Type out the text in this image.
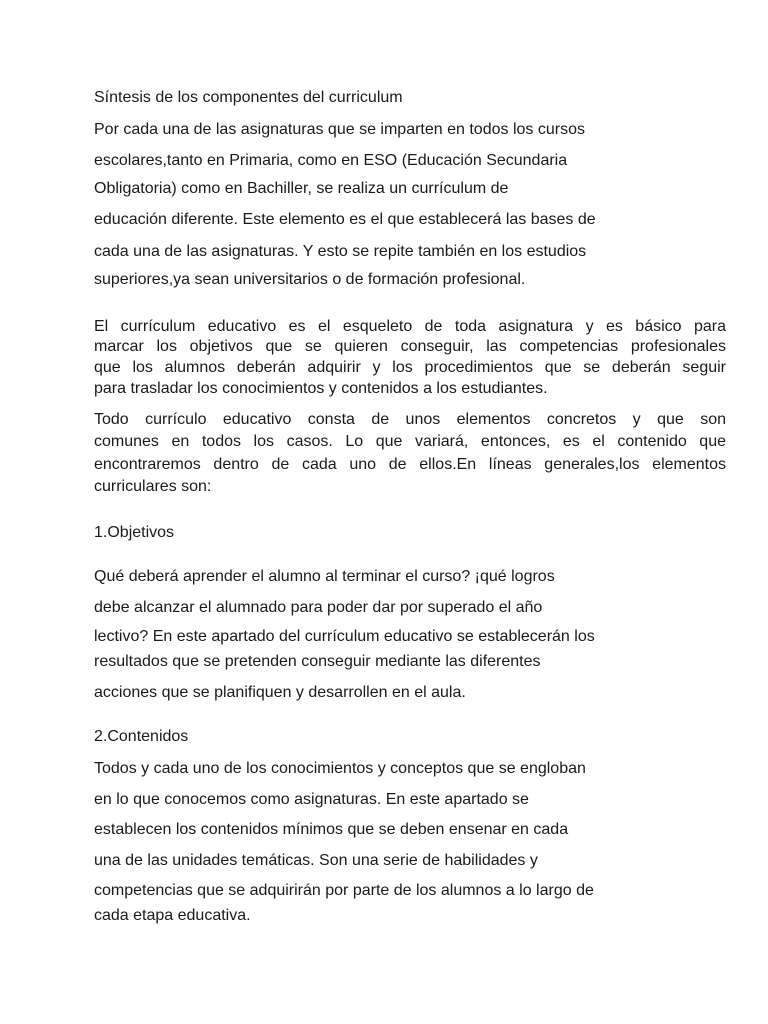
Síntesis de los componentes del curriculum
Por cada una de las asignaturas que se imparten en todos los cursos
escolares,tanto en Primaria, como en ESO (Educación Secundaria
Obligatoria) como en Bachiller, se realiza un currículum de
educación diferente. Este elemento es el que establecerá las bases de
cada una de las asignaturas. Y esto se repite también en los estudios
superiores,ya sean universitarios o de formación profesional.
El currículum educativo es el esqueleto de toda asignatura y es básico para
marcar los objetivos que se quieren conseguir, las competencias profesionales
que los alumnos deberán adquirir y los procedimientos que se deberán seguir
para trasladar los conocimientos y contenidos a los estudiantes.
Todo currículo educativo consta de unos elementos concretos y que son
comunes en todos los casos. Lo que variará, entonces, es el contenido que
encontraremos dentro de cada uno de ellos.En líneas generales,los elementos
curriculares son:
1.Objetivos
Qué deberá aprender el alumno al terminar el curso? ¡qué logros
debe alcanzar el alumnado para poder dar por superado el año
lectivo? En este apartado del currículum educativo se establecerán los
resultados que se pretenden conseguir mediante las diferentes
acciones que se planifiquen y desarrollen en el aula.
2.Contenidos
Todos y cada uno de los conocimientos y conceptos que se engloban
en lo que conocemos como asignaturas. En este apartado se
establecen los contenidos mínimos que se deben ensenar en cada
una de las unidades temáticas. Son una serie de habilidades y
competencias que se adquirirán por parte de los alumnos a lo largo de
cada etapa educativa.
